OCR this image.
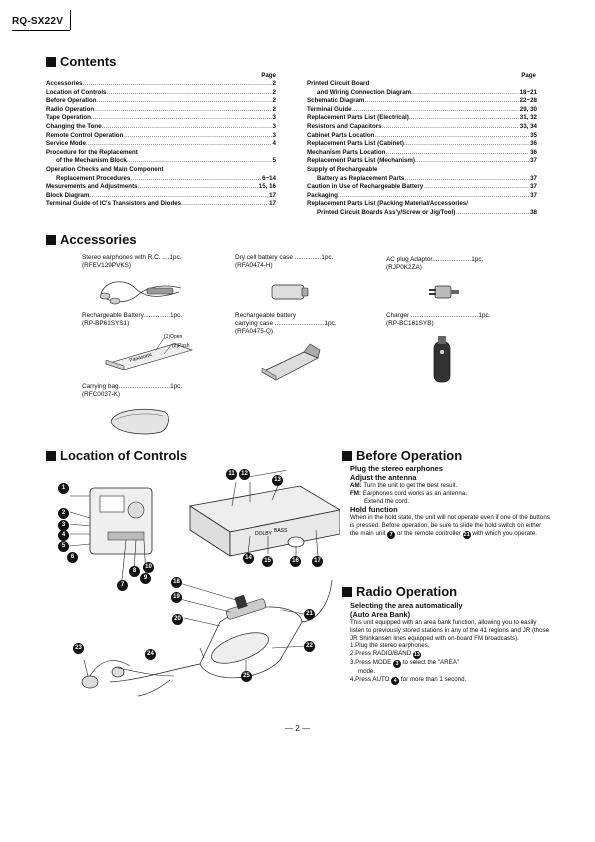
RQ-SX22V
Contents
Page	Page
Accessories .....	2
Location of Controls .....	2
Before Operation .....	2
Radio Operation .....	2
Tape Operation .....	3
Changing the Tone .....	3
Remote Control Operation .....	3
Service Mode .....	4
Procedure for the Replacement
of the Mechanism Block .....	5
Operation Checks and Main Component
Replacement Procedures .....	6~14
Mesurements and Adjustments .....	15, 16
Block Diagram .....	17
Terminal Guide of IC's Transistors and Diodes .....	17
Printed Circuit Board
and Wiring Connection Diagram .....	18~21
Schematic Diagram .....	22~28
Terminal Guide .....	29, 30
Replacement Parts List (Electrical) .....	31, 32
Resistors and Capacitors .....	33, 34
Cabinet Parts Location .....	35
Replacement Parts List (Cabinet) .....	36
Mechanism Parts Location .....	36
Replacement Parts List (Mechanism) .....	37
Supply of Rechargeable
Battery as Replacement Parts .....	37
Caution in Use of Rechargeable Battery .....	37
Packaging .....	37
Replacement Parts List (Packing Material/Accessories/
Printed Circuit Boards Ass'y/Screw or Jig/Tool) .....	38
Accessories
Stereo earphones with R.C. ....1pc.
(RFEV129PVKS)
Dry cell battery case ...............1pc.
(RFA0474-H)
AC plug Adaptor......................1pc.
(RJP0K2ZA)
Rechargeable Battery...............1pc.
(RP-BP61SYS1)
Rechargeable battery
carrying case ............................1pc.
(RFA0475-Q)
Charger ......................................1pc.
(RP-BC161SYB)
Carrying bag.............................1pc.
(RFC0037-K)
Panasonic
(1)Open
(2)Push
Location of Controls
DOLBY BASS
1
2
3
4
5
6
7
8
9
10
11	12
13
14	15	16	17
18
19
20
21
22
23
24
25
Before Operation
Plug the stereo earphones
Adjust the antenna
AM: Turn the unit to get the best result.
FM: Earphones cord works as an antenna.
Extend the cord.
Hold function
When in the hold state, the unit will not operate even if one of the buttons is pressed. Before operation, be sure to slide the hold switch on either the main unit 7 or the remote controller 21 with which you operate.
Radio Operation
Selecting the area automatically
(Auto Area Bank)
This unit equipped with an area bank function, allowing you to easily listen to previously stored stations in any of the 41 regions and JR (those JR Shinkansen lines equipped with on-board FM broadcasts).
1.Plug the stereo earphones.
2.Press RADIO/BAND 13
3.Press MODE 3 to select the "AREA"
mode.
4.Press AUTO 4 for more than 1 second.
— 2 —
